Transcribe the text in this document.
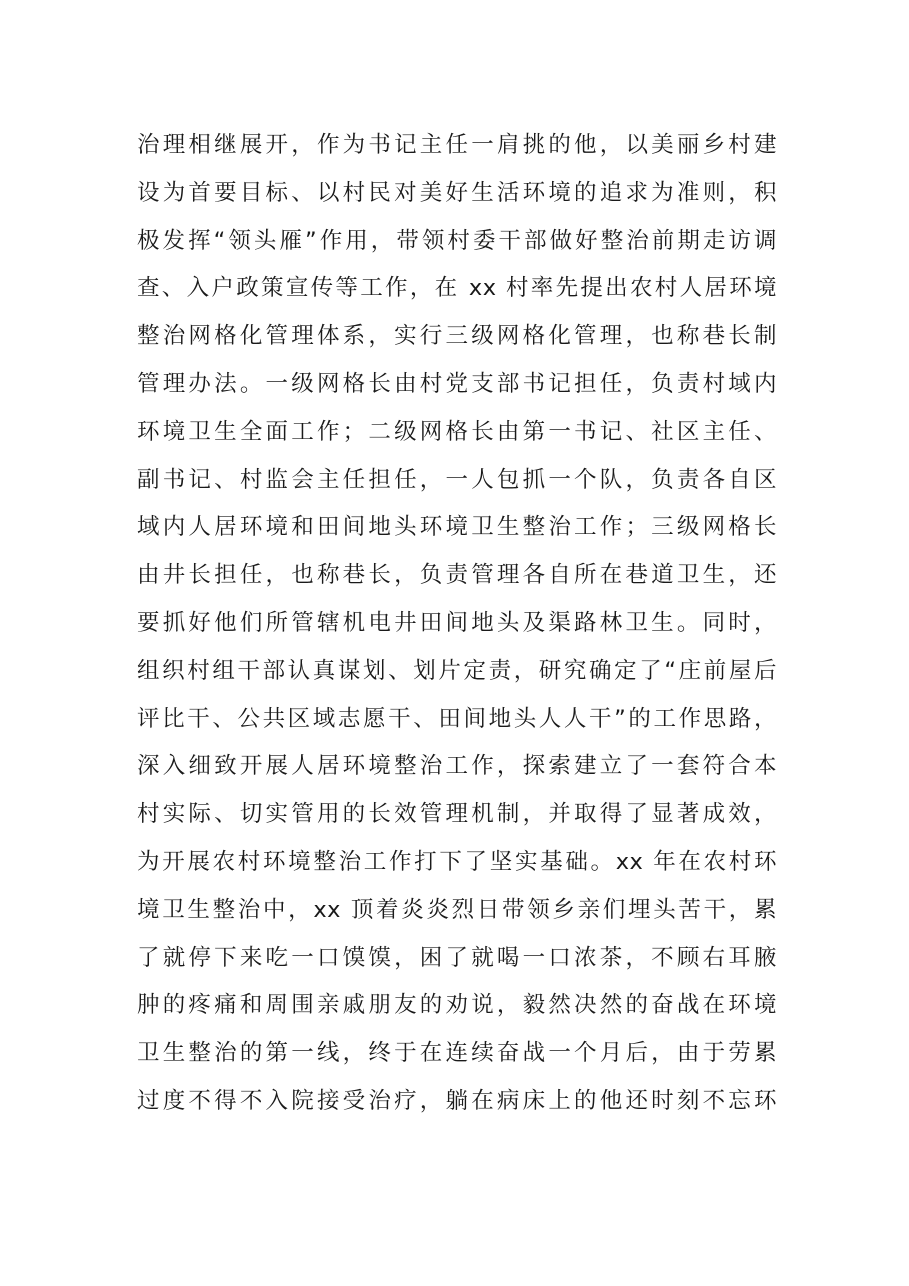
治理相继展开，作为书记主任一肩挑的他，以美丽乡村建
设为首要目标、以村民对美好生活环境的追求为准则，积
极发挥“领头雁”作用，带领村委干部做好整治前期走访调
查、入户政策宣传等工作，在 xx 村率先提出农村人居环境
整治网格化管理体系，实行三级网格化管理，也称巷长制
管理办法。一级网格长由村党支部书记担任，负责村域内
环境卫生全面工作；二级网格长由第一书记、社区主任、
副书记、村监会主任担任，一人包抓一个队，负责各自区
域内人居环境和田间地头环境卫生整治工作；三级网格长
由井长担任，也称巷长，负责管理各自所在巷道卫生，还
要抓好他们所管辖机电井田间地头及渠路林卫生。同时，
组织村组干部认真谋划、划片定责，研究确定了“庄前屋后
评比干、公共区域志愿干、田间地头人人干”的工作思路，
深入细致开展人居环境整治工作，探索建立了一套符合本
村实际、切实管用的长效管理机制，并取得了显著成效，
为开展农村环境整治工作打下了坚实基础。xx 年在农村环
境卫生整治中，xx 顶着炎炎烈日带领乡亲们埋头苦干，累
了就停下来吃一口馍馍，困了就喝一口浓茶，不顾右耳腋
肿的疼痛和周围亲戚朋友的劝说，毅然决然的奋战在环境
卫生整治的第一线，终于在连续奋战一个月后，由于劳累
过度不得不入院接受治疗，躺在病床上的他还时刻不忘环
